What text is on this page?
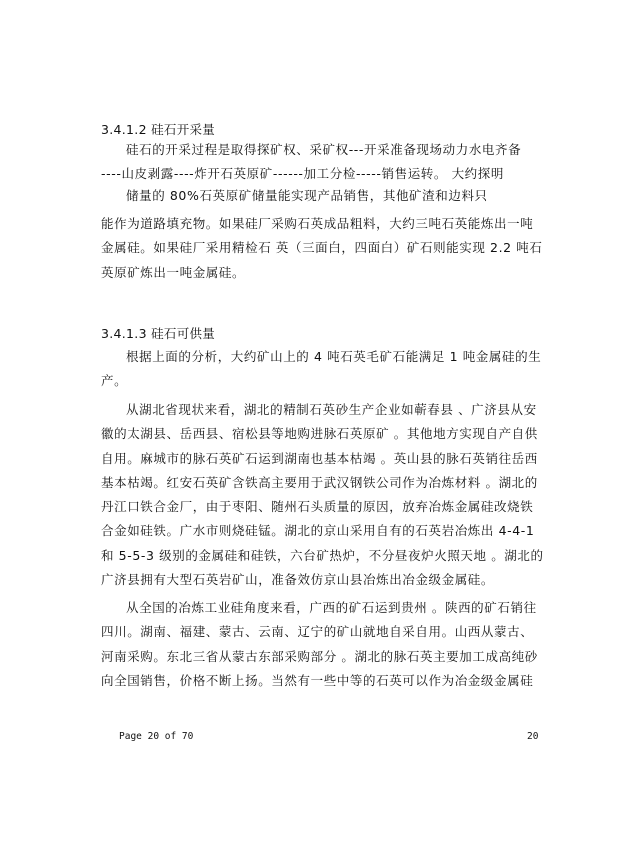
3.4.1.2 硅石开采量
硅石的开采过程是取得探矿权、采矿权---开采准备现场动力水电齐备
----山皮剥露----炸开石英原矿------加工分检-----销售运转。 大约探明
储量的 80%石英原矿储量能实现产品销售，其他矿渣和边料只
能作为道路填充物。如果硅厂采购石英成品粗料，大约三吨石英能炼出一吨
金属硅。如果硅厂采用精检石 英（三面白，四面白）矿石则能实现 2.2 吨石
英原矿炼出一吨金属硅。
3.4.1.3 硅石可供量
根据上面的分析，大约矿山上的 4 吨石英毛矿石能满足 1 吨金属硅的生
产。
从湖北省现状来看，湖北的精制石英砂生产企业如蕲春县 、广济县从安
徽的太湖县、岳西县、宿松县等地购进脉石英原矿 。其他地方实现自产自供
自用。麻城市的脉石英矿石运到湖南也基本枯竭 。英山县的脉石英销往岳西
基本枯竭。红安石英矿含铁高主要用于武汉钢铁公司作为冶炼材料 。湖北的
丹江口铁合金厂，由于枣阳、随州石头质量的原因，放弃冶炼金属硅改烧铁
合金如硅铁。广水市则烧硅锰。湖北的京山采用自有的石英岩冶炼出 4-4-1
和 5-5-3 级别的金属硅和硅铁，六台矿热炉，不分昼夜炉火照天地 。湖北的
广济县拥有大型石英岩矿山，准备效仿京山县冶炼出冶金级金属硅。
从全国的冶炼工业硅角度来看，广西的矿石运到贵州 。陕西的矿石销往
四川。湖南、福建、蒙古、云南、辽宁的矿山就地自采自用。山西从蒙古、
河南采购。东北三省从蒙古东部采购部分 。湖北的脉石英主要加工成高纯砂
向全国销售，价格不断上扬。当然有一些中等的石英可以作为冶金级金属硅
Page 20 of 70	20
